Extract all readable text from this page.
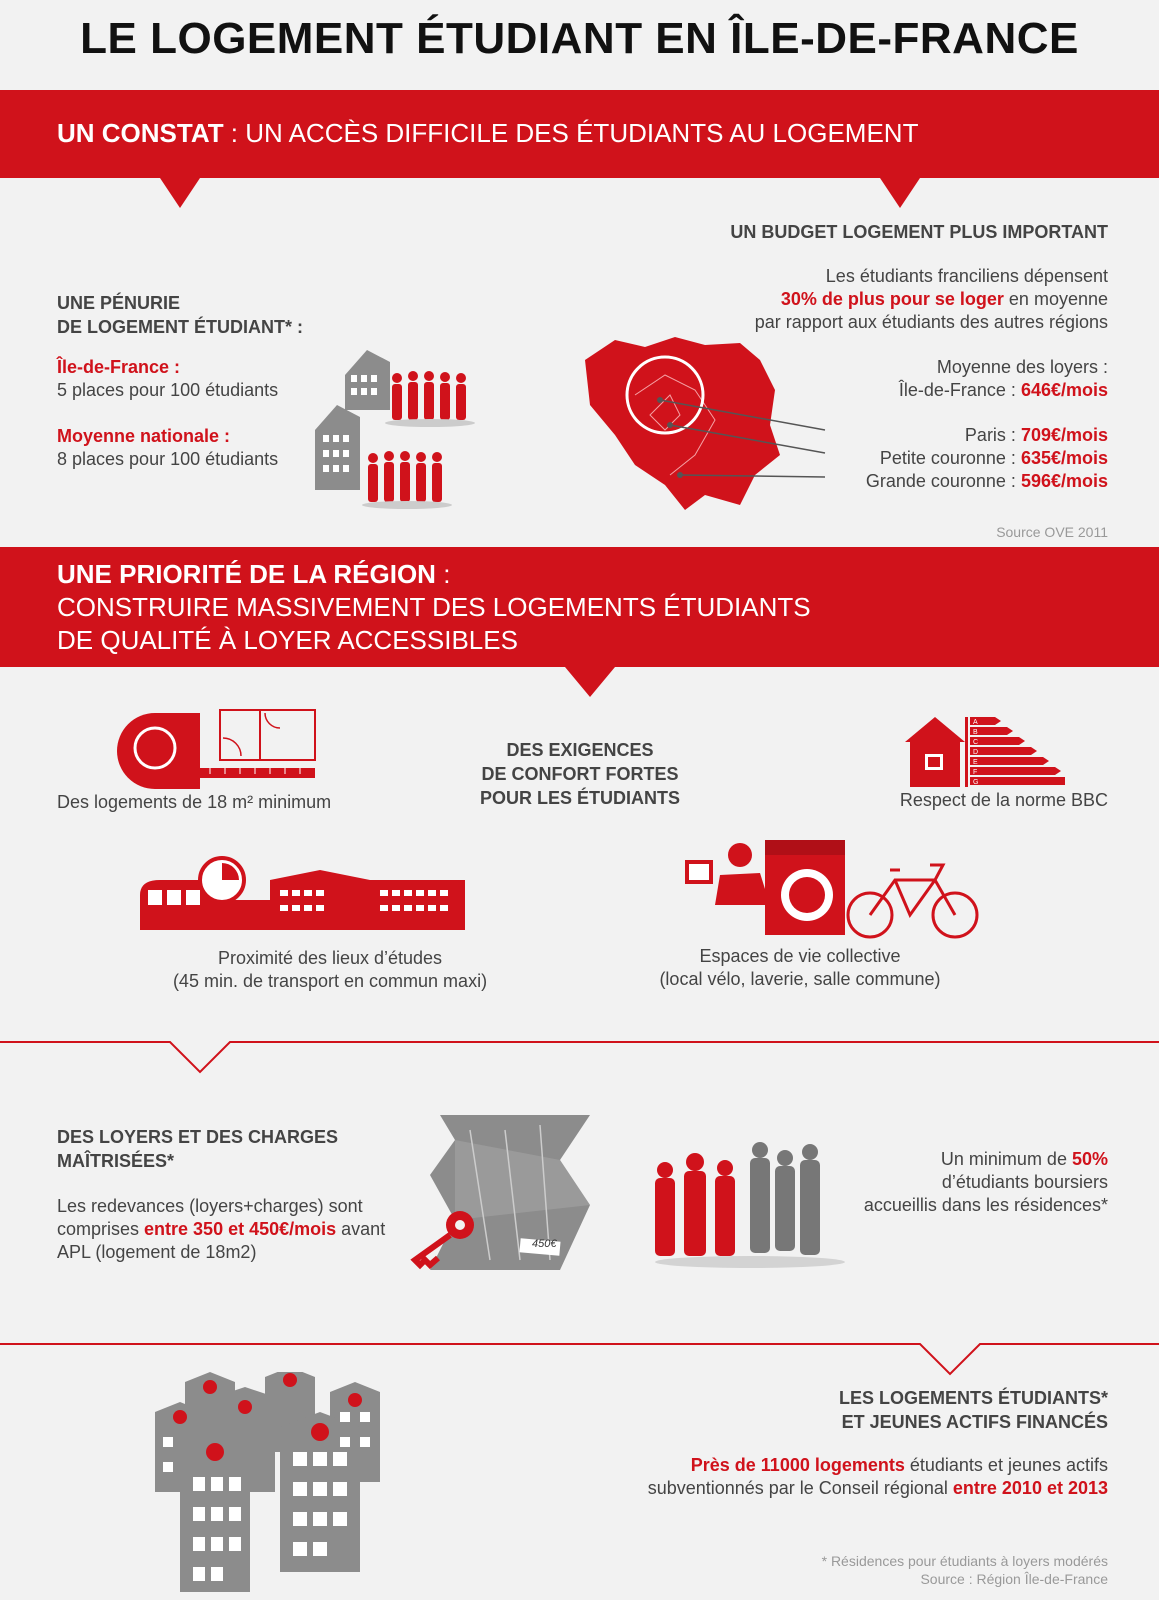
LE LOGEMENT ÉTUDIANT EN ÎLE-DE-FRANCE
UN CONSTAT : UN ACCÈS DIFFICILE DES ÉTUDIANTS AU LOGEMENT
UNE PÉNURIE
DE LOGEMENT ÉTUDIANT* :
Île-de-France :
5 places pour 100 étudiants
Moyenne nationale :
8 places pour 100 étudiants
UN BUDGET LOGEMENT PLUS IMPORTANT
Les étudiants franciliens dépensent
30% de plus pour se loger en moyenne
par rapport aux étudiants des autres régions
Moyenne des loyers :
Île-de-France : 646€/mois
Paris : 709€/mois
Petite couronne : 635€/mois
Grande couronne : 596€/mois
Source OVE 2011
UNE PRIORITÉ DE LA RÉGION :
CONSTRUIRE MASSIVEMENT DES LOGEMENTS ÉTUDIANTS
DE QUALITÉ À LOYER ACCESSIBLES
Des logements de 18 m² minimum
DES EXIGENCES
DE CONFORT FORTES
POUR LES ÉTUDIANTS
A
B
C
D
E
F
G
Respect de la norme BBC
Proximité des lieux d’études
(45 min. de transport en commun maxi)
Espaces de vie collective
(local vélo, laverie, salle commune)
DES LOYERS ET DES CHARGES
MAÎTRISÉES*
Les redevances (loyers+charges) sont
comprises entre 350 et 450€/mois avant
APL (logement de 18m2)	450€
Un minimum de 50%
d’étudiants boursiers
accueillis dans les résidences*
LES LOGEMENTS ÉTUDIANTS*
ET JEUNES ACTIFS FINANCÉS
Près de 11000 logements étudiants et jeunes actifs
subventionnés par le Conseil régional entre 2010 et 2013
* Résidences pour étudiants à loyers modérés
Source : Région Île-de-France
